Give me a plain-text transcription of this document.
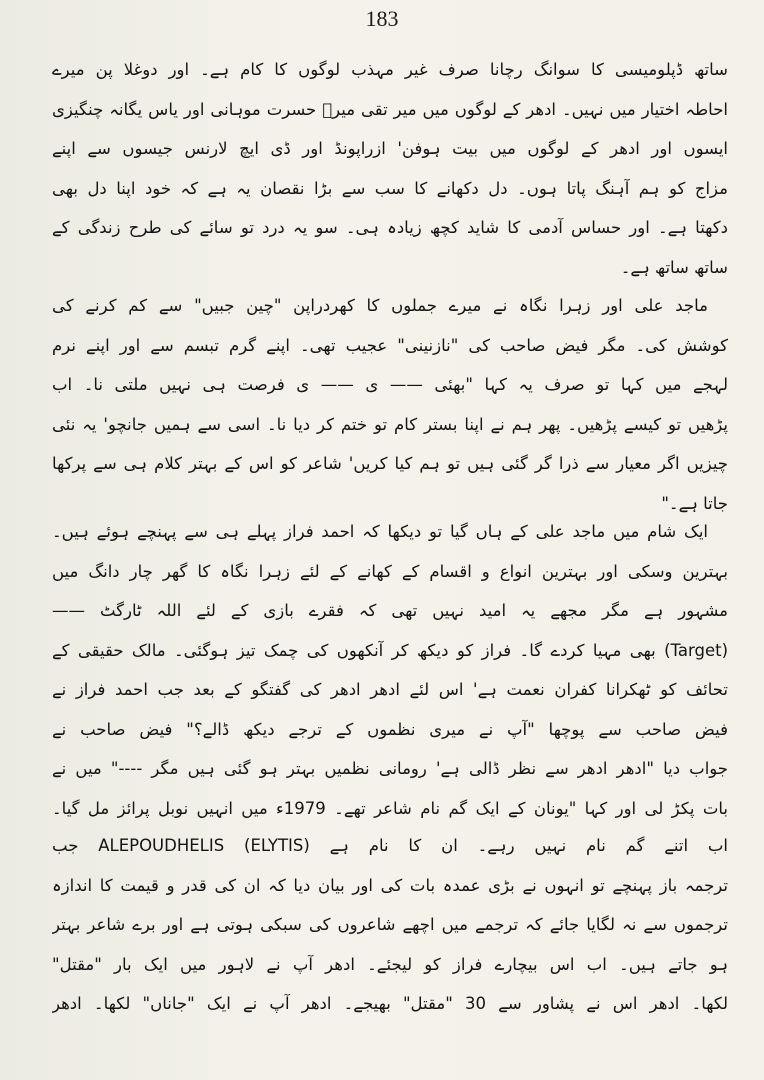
183
ساتھ ڈپلومیسی کا سوانگ رچانا صرف غیر مہذب لوگوں کا کام ہے۔ اور دوغلا پن میرے
احاطہ اختیار میں نہیں۔ ادھر کے لوگوں میں میر تقی میرؔ حسرت موہانی اور یاس یگانہ چنگیزی
ایسوں اور ادھر کے لوگوں میں بیت ہوفن' ازراپونڈ اور ڈی ایچ لارنس جیسوں سے اپنے
مزاج کو ہم آہنگ پاتا ہوں۔ دل دکھانے کا سب سے بڑا نقصان یہ ہے کہ خود اپنا دل بھی
دکھتا ہے۔ اور حساس آدمی کا شاید کچھ زیادہ ہی۔ سو یہ درد تو سائے کی طرح زندگی کے
ساتھ ساتھ ہے۔
ماجد علی اور زہرا نگاہ نے میرے جملوں کا کھردراپن "چین جبیں" سے کم کرنے کی
کوشش کی۔ مگر فیض صاحب کی "نازنینی" عجیب تھی۔ اپنے گرم تبسم سے اور اپنے نرم
لہجے میں کہا تو صرف یہ کہا "بھئی —— ی —— ی فرصت ہی نہیں ملتی نا۔ اب
پڑھیں تو کیسے پڑھیں۔ پھر ہم نے اپنا بستر کام تو ختم کر دیا نا۔ اسی سے ہمیں جانچو' یہ نئی
چیزیں اگر معیار سے ذرا گر گئی ہیں تو ہم کیا کریں' شاعر کو اس کے بہتر کلام ہی سے پرکھا
جاتا ہے۔"
ایک شام میں ماجد علی کے ہاں گیا تو دیکھا کہ احمد فراز پہلے ہی سے پہنچے ہوئے ہیں۔
بہترین وسکی اور بہترین انواع و اقسام کے کھانے کے لئے زہرا نگاہ کا گھر چار دانگ میں
مشہور ہے مگر مجھے یہ امید نہیں تھی کہ فقرے بازی کے لئے اللہ ٹارگٹ ——
(Target) بھی مہیا کردے گا۔ فراز کو دیکھ کر آنکھوں کی چمک تیز ہوگئی۔ مالک حقیقی کے
تحائف کو ٹھکرانا کفران نعمت ہے' اس لئے ادھر ادھر کی گفتگو کے بعد جب احمد فراز نے
فیض صاحب سے پوچھا "آپ نے میری نظموں کے ترجے دیکھ ڈالے؟" فیض صاحب نے
جواب دیا "ادھر ادھر سے نظر ڈالی ہے' رومانی نظمیں بہتر ہو گئی ہیں مگر ----" میں نے
بات پکڑ لی اور کہا "یونان کے ایک گم نام شاعر تھے۔ 1979ء میں انہیں نوبل پرائز مل گیا۔
اب اتنے گم نام نہیں رہے۔ ان کا نام ہے ALEPOUDHELIS (ELYTIS) جب
ترجمہ باز پہنچے تو انہوں نے بڑی عمدہ بات کی اور بیان دیا کہ ان کی قدر و قیمت کا اندازہ
ترجموں سے نہ لگایا جائے کہ ترجمے میں اچھے شاعروں کی سبکی ہوتی ہے اور برے شاعر بہتر
ہو جاتے ہیں۔ اب اس بیچارے فراز کو لیجئے۔ ادھر آپ نے لاہور میں ایک بار "مقتل"
لکھا۔ ادھر اس نے پشاور سے 30 "مقتل" بھیجے۔ ادھر آپ نے ایک "جاناں" لکھا۔ ادھر
